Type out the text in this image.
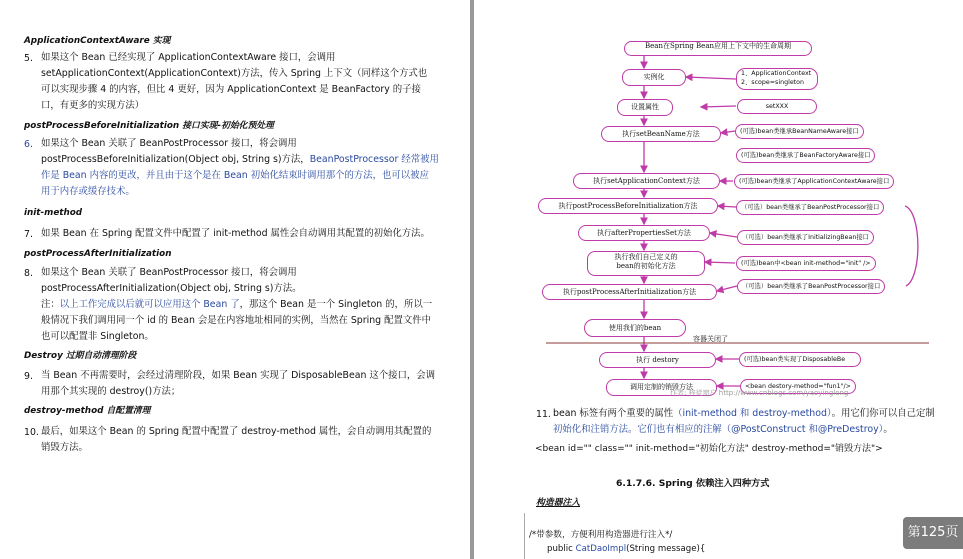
ApplicationContextAware 实现
5. 如果这个 Bean 已经实现了 ApplicationContextAware 接口，会调用
setApplicationContext(ApplicationContext)方法，传入 Spring 上下文（同样这个方式也
可以实现步骤 4 的内容，但比 4 更好，因为 ApplicationContext 是 BeanFactory 的子接
口，有更多的实现方法）
postProcessBeforeInitialization 接口实现-初始化预处理
6. 如果这个 Bean 关联了 BeanPostProcessor 接口，将会调用
postProcessBeforeInitialization(Object obj, String s)方法，BeanPostProcessor 经常被用
作是 Bean 内容的更改，并且由于这个是在 Bean 初始化结束时调用那个的方法，也可以被应
用于内存或缓存技术。
init-method
7. 如果 Bean 在 Spring 配置文件中配置了 init-method 属性会自动调用其配置的初始化方法。
postProcessAfterInitialization
8. 如果这个 Bean 关联了 BeanPostProcessor 接口，将会调用
postProcessAfterInitialization(Object obj, String s)方法。
注：以上工作完成以后就可以应用这个 Bean 了，那这个 Bean 是一个 Singleton 的，所以一
般情况下我们调用同一个 id 的 Bean 会是在内容地址相同的实例，当然在 Spring 配置文件中
也可以配置非 Singleton。
Destroy 过期自动清理阶段
9. 当 Bean 不再需要时，会经过清理阶段，如果 Bean 实现了 DisposableBean 这个接口，会调
用那个其实现的 destroy()方法；
destroy-method 自配置清理
10. 最后，如果这个 Bean 的 Spring 配置中配置了 destroy-method 属性，会自动调用其配置的
销毁方法。
Bean在Spring Bean应用上下文中的生命周期
实例化
设置属性
执行setBeanName方法
执行setApplicationContext方法
执行postProcessBeforeInitialization方法
执行afterPropertiesSet方法
执行我们自己定义的
bean的初始化方法
执行postProcessAfterInitialization方法
使用我们的bean
容器关闭了
执行 destory
调用定制的销毁方法
1、ApplicationContext
2、scope=singleton
setXXX
(可选)bean类继承BeanNameAware接口
(可选)bean类继承了BeanFactoryAware接口
(可选)bean类继承了ApplicationContextAware接口
（可选）bean类继承了BeanPostProcessor接口
（可选）bean类继承了InitializingBean接口
(可选)bean中<bean init-method="init" />
（可选）bean类继承了BeanPostProcessor接口
(可选)bean类实现了DisposableBe
<bean destory-method="fun1"/>
作者: 梓徒窗户 http://www.cnblogs.com/yaoyinglong
11. bean 标签有两个重要的属性（init-method 和 destroy-method）。用它们你可以自己定制
初始化和注销方法。它们也有相应的注解（@PostConstruct 和@PreDestroy）。
<bean id="" class="" init-method="初始化方法" destroy-method="销毁方法">
6.1.7.6. Spring 依赖注入四种方式
构造器注入
/*带参数，方便利用构造器进行注入*/
public CatDaoImpl(String message){
第125页
